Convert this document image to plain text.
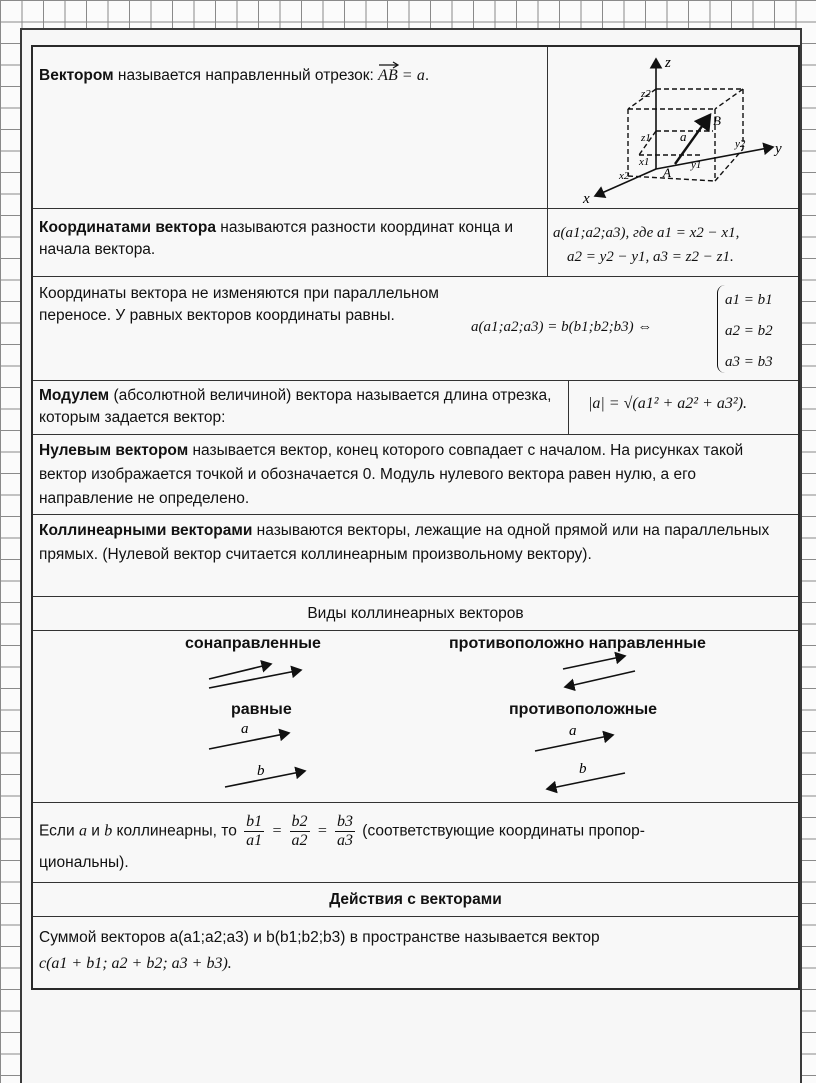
Вектором называется направленный отрезок: AB = a.
z
y
x
z2
z1	y2
y1
x1
x2	A
B
a
Координатами вектора называются разности координат конца и начала вектора.
a(a1;a2;a3), где a1 = x2 − x1,
a2 = y2 − y1, a3 = z2 − z1.
Координаты вектора не изменяются при параллельном переносе. У равных векторов координаты равны.
a(a1;a2;a3) = b(b1;b2;b3) ⇔
a1 = b1
a2 = b2
a3 = b3
Модулем (абсолютной величиной) вектора называется длина отрезка, которым задается вектор:
|a| = √(a1² + a2² + a3²).
Нулевым вектором называется вектор, конец которого совпадает с началом. На рисунках такой вектор изображается точкой и обозначается 0. Модуль нулевого вектора равен нулю, а его направление не определено.
Коллинеарными векторами называются векторы, лежащие на одной прямой или на параллельных прямых. (Нулевой вектор считается коллинеарным произвольному вектору).
Виды коллинеарных векторов
сонаправленные	противоположно направленные
равные	противоположные
a
b
a
b
Если a и b коллинеарны, то $\frac{b1}{a1} = \frac{b2}{a2} = \frac{b3}{a3}$ (соответствующие координаты пропор-
циональны).
Действия с векторами
Суммой векторов a(a1;a2;a3) и b(b1;b2;b3) в пространстве называется вектор
c(a1 + b1; a2 + b2; a3 + b3).
